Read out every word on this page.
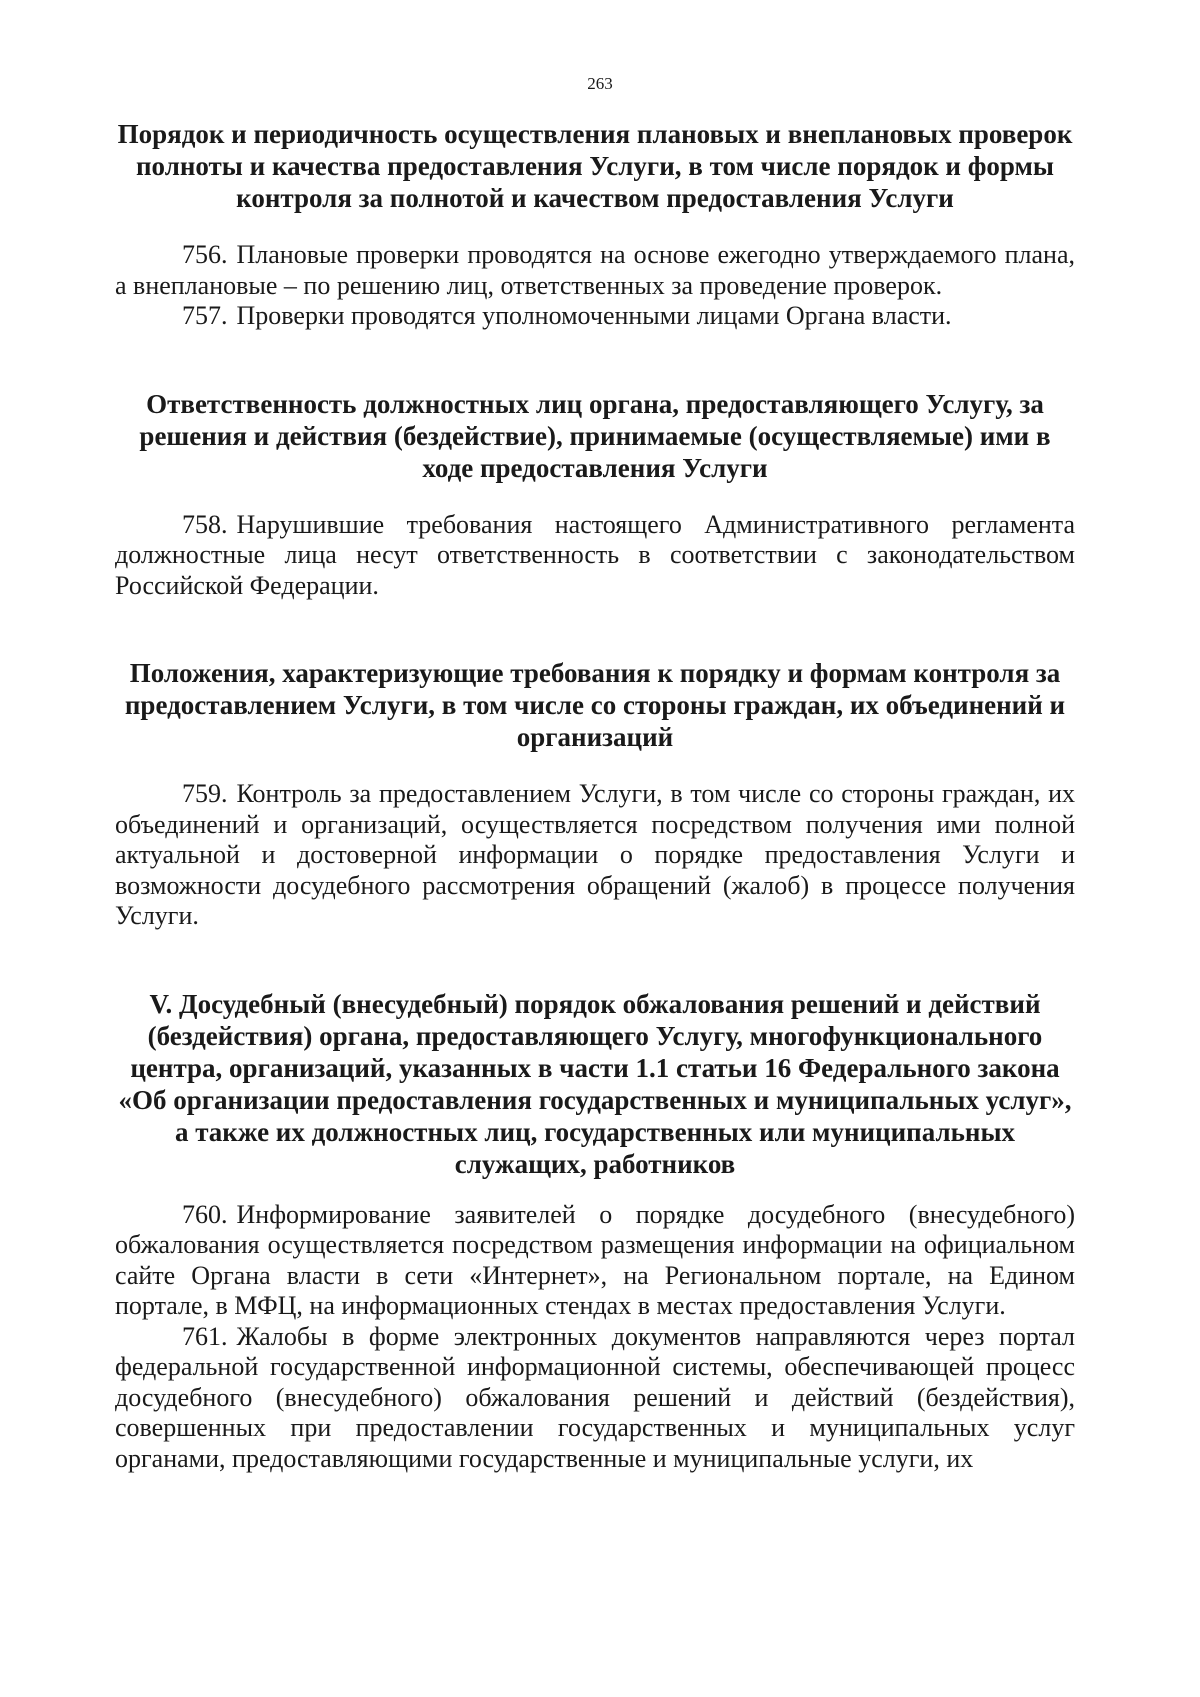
263

Порядок и периодичность осуществления плановых и внеплановых проверок полноты и качества предоставления Услуги, в том числе порядок и формы контроля за полнотой и качеством предоставления Услуги

756. Плановые проверки проводятся на основе ежегодно утверждаемого плана, а внеплановые – по решению лиц, ответственных за проведение проверок.

757. Проверки проводятся уполномоченными лицами Органа власти.

Ответственность должностных лиц органа, предоставляющего Услугу, за решения и действия (бездействие), принимаемые (осуществляемые) ими в ходе предоставления Услуги

758. Нарушившие требования настоящего Административного регламента должностные лица несут ответственность в соответствии с законодательством Российской Федерации.

Положения, характеризующие требования к порядку и формам контроля за предоставлением Услуги, в том числе со стороны граждан, их объединений и организаций

759. Контроль за предоставлением Услуги, в том числе со стороны граждан, их объединений и организаций, осуществляется посредством получения ими полной актуальной и достоверной информации о порядке предоставления Услуги и возможности досудебного рассмотрения обращений (жалоб) в процессе получения Услуги.

V. Досудебный (внесудебный) порядок обжалования решений и действий (бездействия) органа, предоставляющего Услугу, многофункционального центра, организаций, указанных в части 1.1 статьи 16 Федерального закона «Об организации предоставления государственных и муниципальных услуг», а также их должностных лиц, государственных или муниципальных служащих, работников

760. Информирование заявителей о порядке досудебного (внесудебного) обжалования осуществляется посредством размещения информации на официальном сайте Органа власти в сети «Интернет», на Региональном портале, на Едином портале, в МФЦ, на информационных стендах в местах предоставления Услуги.

761. Жалобы в форме электронных документов направляются через портал федеральной государственной информационной системы, обеспечивающей процесс досудебного (внесудебного) обжалования решений и действий (бездействия), совершенных при предоставлении государственных и муниципальных услуг органами, предоставляющими государственные и муниципальные услуги, их
